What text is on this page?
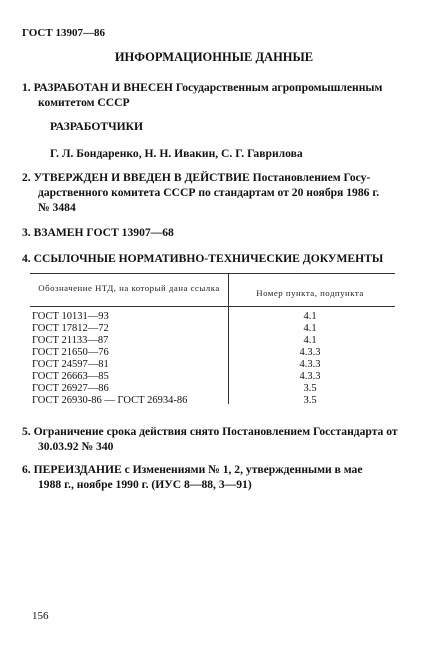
ГОСТ 13907—86
ИНФОРМАЦИОННЫЕ ДАННЫЕ
1. РАЗРАБОТАН И ВНЕСЕН Государственным агропромышленным
комитетом СССР
РАЗРАБОТЧИКИ
Г. Л. Бондаренко, Н. Н. Ивакин, С. Г. Гаврилова
2. УТВЕРЖДЕН И ВВЕДЕН В ДЕЙСТВИЕ Постановлением Госу-
дарственного комитета СССР по стандартам от 20 ноября 1986 г.
№ 3484
3. ВЗАМЕН ГОСТ 13907—68
4. ССЫЛОЧНЫЕ НОРМАТИВНО-ТЕХНИЧЕСКИЕ ДОКУМЕНТЫ
Обозначение НТД, на который дана ссылка	Номер пункта, подпункта
ГОСТ 10131—93	4.1
ГОСТ 17812—72	4.1
ГОСТ 21133—87	4.1
ГОСТ 21650—76	4.3.3
ГОСТ 24597—81	4.3.3
ГОСТ 26663—85	4.3.3
ГОСТ 26927—86	3.5
ГОСТ 26930-86 — ГОСТ 26934-86	3.5
5. Ограничение срока действия снято Постановлением Госстандарта от
30.03.92 № 340
6. ПЕРЕИЗДАНИЕ с Изменениями № 1, 2, утвержденными в мае
1988 г., ноябре 1990 г. (ИУС 8—88, 3—91)
156
